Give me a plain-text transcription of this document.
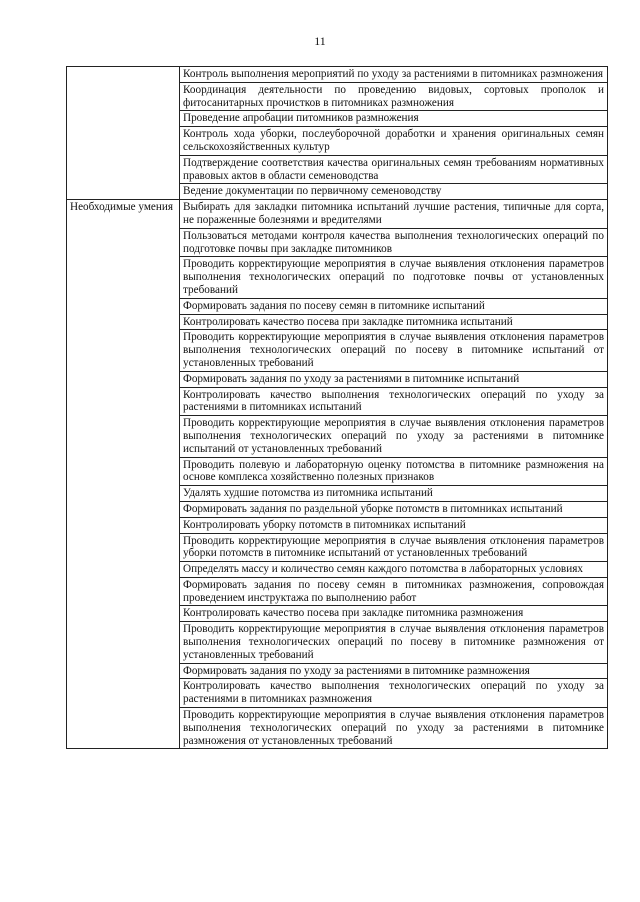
11
	Контроль выполнения мероприятий по уходу за растениями в питомниках размножения
	Координация деятельности по проведению видовых, сортовых прополок и фитосанитарных прочистков в питомниках размножения
	Проведение апробации питомников размножения
	Контроль хода уборки, послеуборочной доработки и хранения оригинальных семян сельскохозяйственных культур
	Подтверждение соответствия качества оригинальных семян требованиям нормативных правовых актов в области семеноводства
	Ведение документации по первичному семеноводству
Необходимые умения	Выбирать для закладки питомника испытаний лучшие растения, типичные для сорта, не пораженные болезнями и вредителями
	Пользоваться методами контроля качества выполнения технологических операций по подготовке почвы при закладке питомников
	Проводить корректирующие мероприятия в случае выявления отклонения параметров выполнения технологических операций по подготовке почвы от установленных требований
	Формировать задания по посеву семян в питомнике испытаний
	Контролировать качество посева при закладке питомника испытаний
	Проводить корректирующие мероприятия в случае выявления отклонения параметров выполнения технологических операций по посеву в питомнике испытаний от установленных требований
	Формировать задания по уходу за растениями в питомнике испытаний
	Контролировать качество выполнения технологических операций по уходу за растениями в питомниках испытаний
	Проводить корректирующие мероприятия в случае выявления отклонения параметров выполнения технологических операций по уходу за растениями в питомнике испытаний от установленных требований
	Проводить полевую и лабораторную оценку потомства в питомнике размножения на основе комплекса хозяйственно полезных признаков
	Удалять худшие потомства из питомника испытаний
	Формировать задания по раздельной уборке потомств в питомниках испытаний
	Контролировать уборку потомств в питомниках испытаний
	Проводить корректирующие мероприятия в случае выявления отклонения параметров уборки потомств в питомнике испытаний от установленных требований
	Определять массу и количество семян каждого потомства в лабораторных условиях
	Формировать задания по посеву семян в питомниках размножения, сопровождая проведением инструктажа по выполнению работ
	Контролировать качество посева при закладке питомника размножения
	Проводить корректирующие мероприятия в случае выявления отклонения параметров выполнения технологических операций по посеву в питомнике размножения от установленных требований
	Формировать задания по уходу за растениями в питомнике размножения
	Контролировать качество выполнения технологических операций по уходу за растениями в питомниках размножения
	Проводить корректирующие мероприятия в случае выявления отклонения параметров выполнения технологических операций по уходу за растениями в питомнике размножения от установленных требований
